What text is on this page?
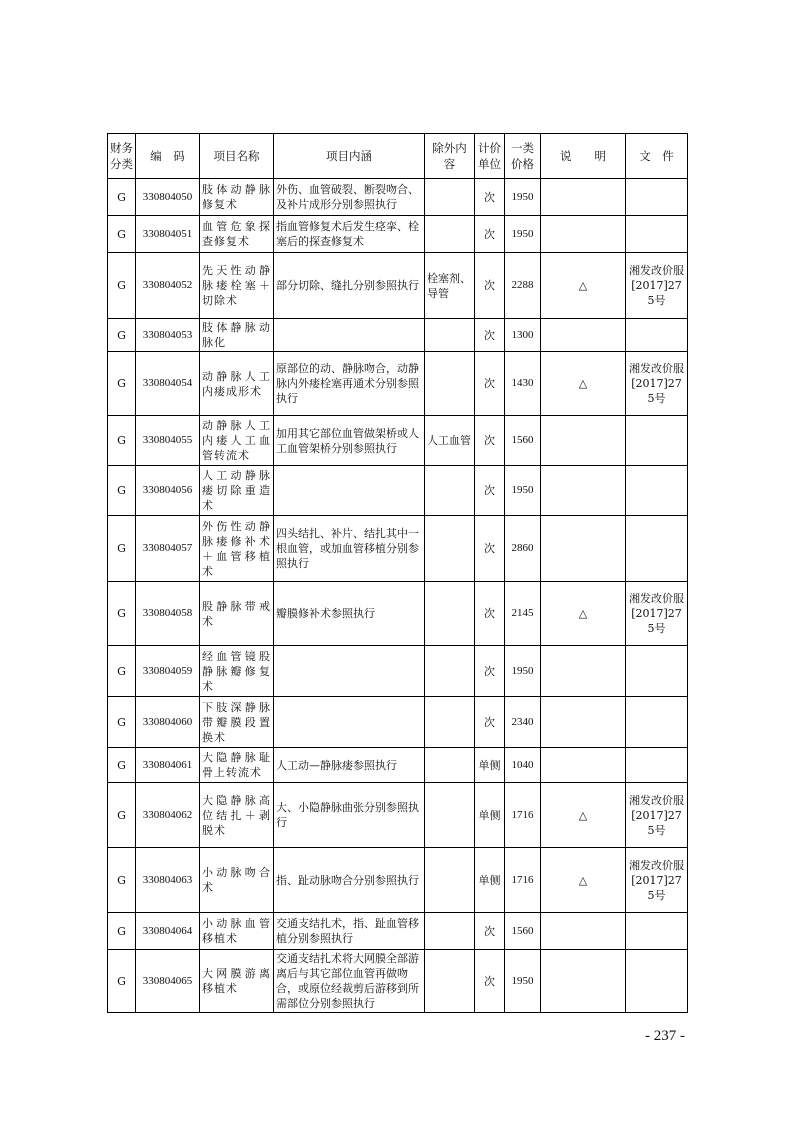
财务分类	编　码	项目名称	项目内涵	除外内容	计价单位	一类价格	说　　明	文　件
G	330804050	肢体动静脉修复术	外伤、血管破裂、断裂吻合、及补片成形分别参照执行		次	1950		
G	330804051	血管危象探查修复术	指血管修复术后发生痉挛、栓塞后的探查修复术		次	1950		
G	330804052	先天性动静脉瘘栓塞＋切除术	部分切除、缝扎分别参照执行	栓塞剂、导管	次	2288	△	湘发改价服[2017]275号
G	330804053	肢体静脉动脉化			次	1300		
G	330804054	动静脉人工内瘘成形术	原部位的动、静脉吻合，动静脉内外瘘栓塞再通术分别参照执行		次	1430	△	湘发改价服[2017]275号
G	330804055	动静脉人工内瘘人工血管转流术	加用其它部位血管做架桥或人工血管架桥分别参照执行	人工血管	次	1560		
G	330804056	人工动静脉瘘切除重造术			次	1950		
G	330804057	外伤性动静脉瘘修补术＋血管移植术	四头结扎、补片、结扎其中一根血管，或加血管移植分别参照执行		次	2860		
G	330804058	股静脉带戒术	瓣膜修补术参照执行		次	2145	△	湘发改价服[2017]275号
G	330804059	经血管镜股静脉瓣修复术			次	1950		
G	330804060	下肢深静脉带瓣膜段置换术			次	2340		
G	330804061	大隐静脉耻骨上转流术	人工动—静脉瘘参照执行		单侧	1040		
G	330804062	大隐静脉高位结扎＋剥脱术	大、小隐静脉曲张分别参照执行		单侧	1716	△	湘发改价服[2017]275号
G	330804063	小动脉吻合术	指、趾动脉吻合分别参照执行		单侧	1716	△	湘发改价服[2017]275号
G	330804064	小动脉血管移植术	交通支结扎术，指、趾血管移植分别参照执行		次	1560		
G	330804065	大网膜游离移植术	交通支结扎术将大网膜全部游离后与其它部位血管再做吻合，或原位经裁剪后游移到所需部位分别参照执行		次	1950		
- 237 -
